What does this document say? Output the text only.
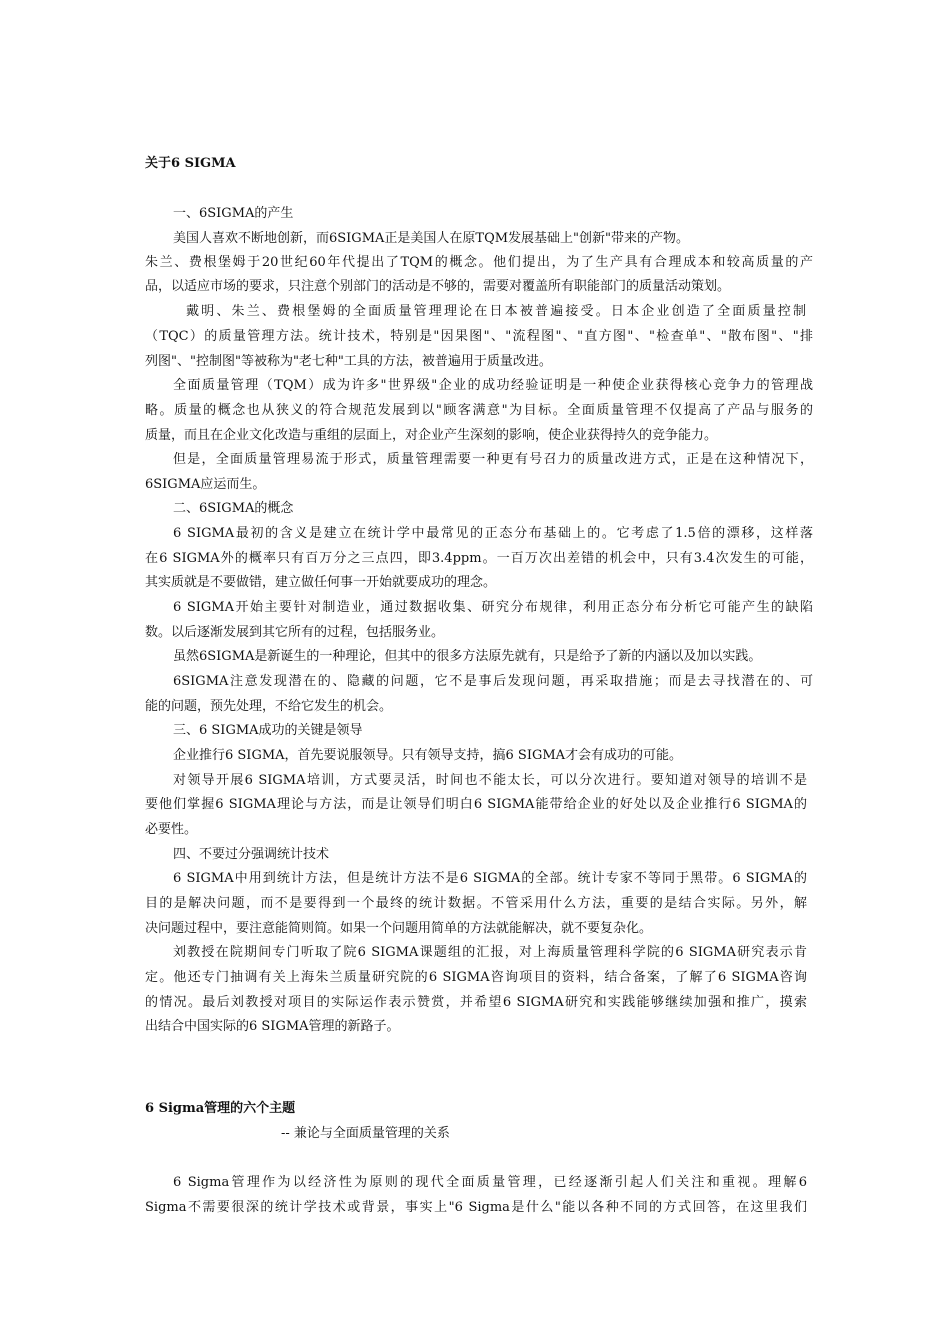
关于6 SIGMA

一、6SIGMA的产生

美国人喜欢不断地创新，而6SIGMA正是美国人在原TQM发展基础上"创新"带来的产物。

朱兰、费根堡姆于20世纪60年代提出了TQM的概念。他们提出，为了生产具有合理成本和较高质量的产

品，以适应市场的要求，只注意个别部门的活动是不够的，需要对覆盖所有职能部门的质量活动策划。

戴明、朱兰、费根堡姆的全面质量管理理论在日本被普遍接受。日本企业创造了全面质量控制

（TQC）的质量管理方法。统计技术，特别是"因果图"、"流程图"、"直方图"、"检查单"、"散布图"、"排

列图"、"控制图"等被称为"老七种"工具的方法，被普遍用于质量改进。

全面质量管理（TQM）成为许多"世界级"企业的成功经验证明是一种使企业获得核心竞争力的管理战

略。质量的概念也从狭义的符合规范发展到以"顾客满意"为目标。全面质量管理不仅提高了产品与服务的

质量，而且在企业文化改造与重组的层面上，对企业产生深刻的影响，使企业获得持久的竞争能力。

但是，全面质量管理易流于形式，质量管理需要一种更有号召力的质量改进方式，正是在这种情况下，

6SIGMA应运而生。

二、6SIGMA的概念

6 SIGMA最初的含义是建立在统计学中最常见的正态分布基础上的。它考虑了1.5倍的漂移，这样落

在6 SIGMA外的概率只有百万分之三点四，即3.4ppm。一百万次出差错的机会中，只有3.4次发生的可能，

其实质就是不要做错，建立做任何事一开始就要成功的理念。

6 SIGMA开始主要针对制造业，通过数据收集、研究分布规律，利用正态分布分析它可能产生的缺陷

数。以后逐渐发展到其它所有的过程，包括服务业。

虽然6SIGMA是新诞生的一种理论，但其中的很多方法原先就有，只是给予了新的内涵以及加以实践。

6SIGMA注意发现潜在的、隐藏的问题，它不是事后发现问题，再采取措施；而是去寻找潜在的、可

能的问题，预先处理，不给它发生的机会。

三、6 SIGMA成功的关键是领导

企业推行6 SIGMA，首先要说服领导。只有领导支持，搞6 SIGMA才会有成功的可能。

对领导开展6 SIGMA培训，方式要灵活，时间也不能太长，可以分次进行。要知道对领导的培训不是

要他们掌握6 SIGMA理论与方法，而是让领导们明白6 SIGMA能带给企业的好处以及企业推行6 SIGMA的

必要性。

四、不要过分强调统计技术

6 SIGMA中用到统计方法，但是统计方法不是6 SIGMA的全部。统计专家不等同于黑带。6 SIGMA的

目的是解决问题，而不是要得到一个最终的统计数据。不管采用什么方法，重要的是结合实际。另外，解

决问题过程中，要注意能简则简。如果一个问题用简单的方法就能解决，就不要复杂化。

刘教授在院期间专门听取了院6 SIGMA课题组的汇报，对上海质量管理科学院的6 SIGMA研究表示肯

定。他还专门抽调有关上海朱兰质量研究院的6 SIGMA咨询项目的资料，结合备案，了解了6 SIGMA咨询

的情况。最后刘教授对项目的实际运作表示赞赏，并希望6 SIGMA研究和实践能够继续加强和推广，摸索

出结合中国实际的6 SIGMA管理的新路子。

6 Sigma管理的六个主题

-- 兼论与全面质量管理的关系

6 Sigma管理作为以经济性为原则的现代全面质量管理，已经逐渐引起人们关注和重视。理解6

Sigma不需要很深的统计学技术或背景，事实上"6 Sigma是什么"能以各种不同的方式回答，在这里我们
